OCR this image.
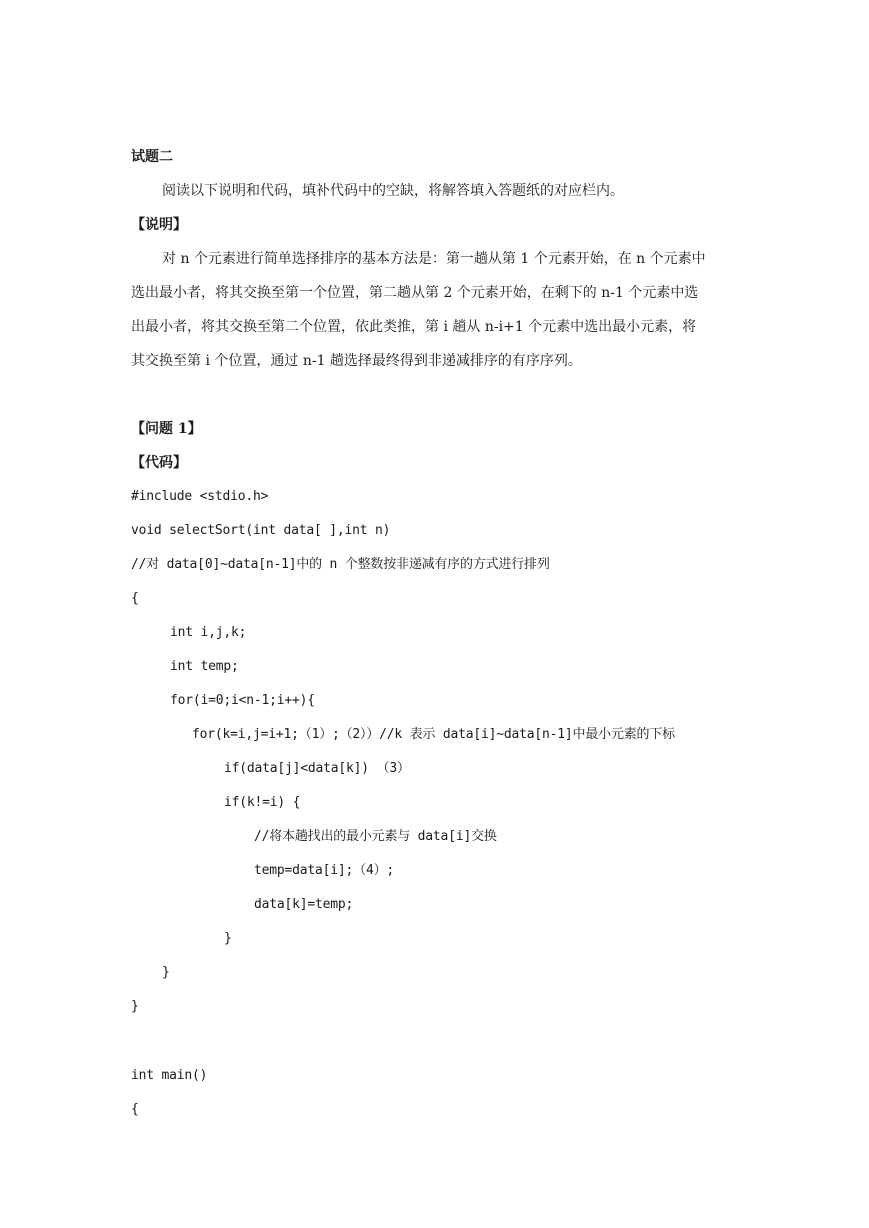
试题二
阅读以下说明和代码，填补代码中的空缺，将解答填入答题纸的对应栏内。
【说明】
对 n 个元素进行简单选择排序的基本方法是：第一趟从第 1 个元素开始，在 n 个元素中
选出最小者，将其交换至第一个位置，第二趟从第 2 个元素开始，在剩下的 n-1 个元素中选
出最小者，将其交换至第二个位置，依此类推，第 i 趟从 n-i+1 个元素中选出最小元素，将
其交换至第 i 个位置，通过 n-1 趟选择最终得到非递减排序的有序序列。
【问题 1】
【代码】
#include <stdio.h>
void selectSort(int data[ ],int n)
//对 data[0]~data[n-1]中的 n 个整数按非递减有序的方式进行排列
{
int i,j,k;
int temp;
for(i=0;i<n-1;i++){
for(k=i,j=i+1;（1）;（2））//k 表示 data[i]~data[n-1]中最小元素的下标
if(data[j]<data[k]) （3）
if(k!=i) {
//将本趟找出的最小元素与 data[i]交换
temp=data[i];（4）;
data[k]=temp;
}
}
}
int main()
{
